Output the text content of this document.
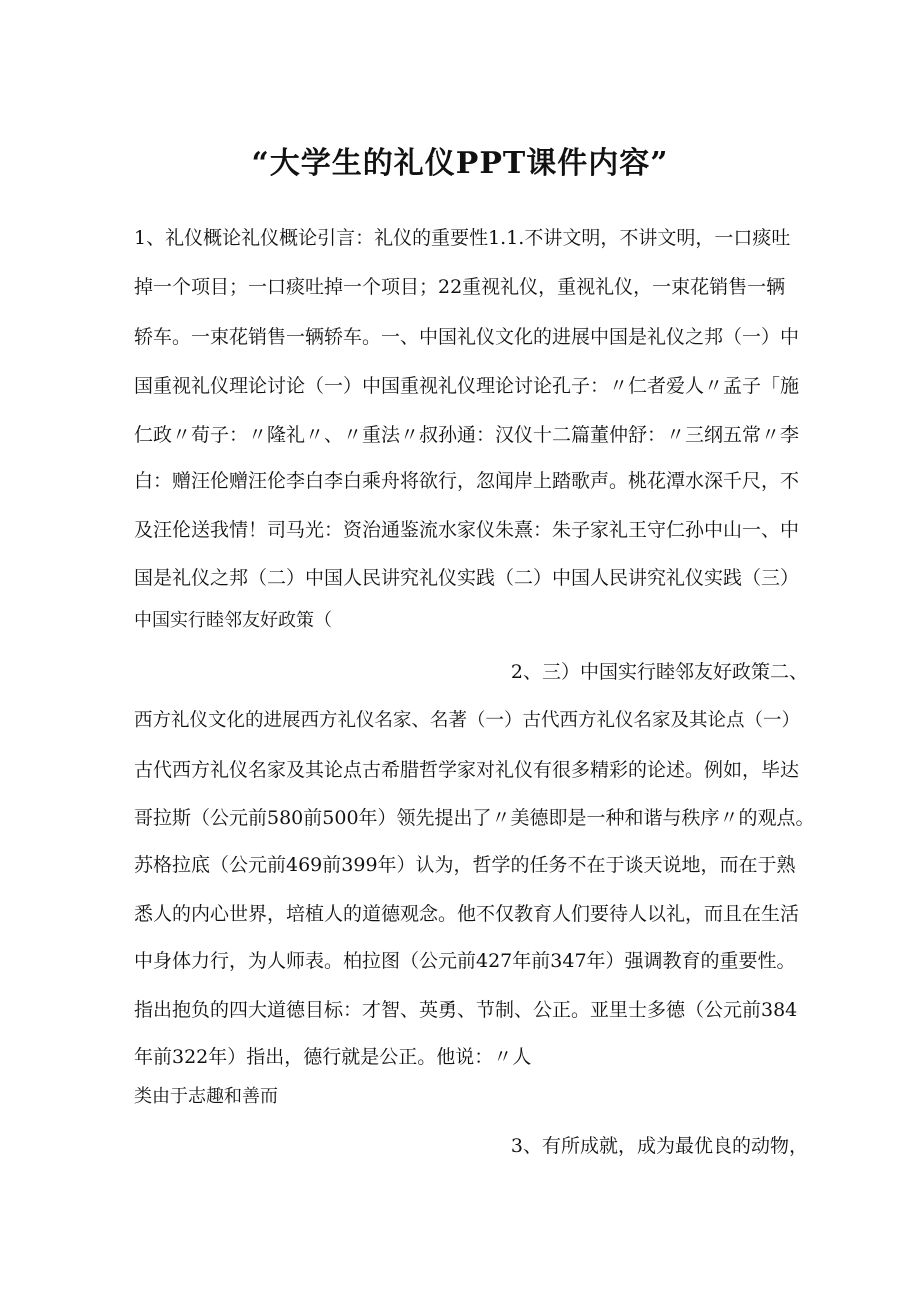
“大学生的礼仪PPT课件内容”
1、礼仪概论礼仪概论引言：礼仪的重要性1.1.不讲文明，不讲文明，一口痰吐
掉一个项目；一口痰吐掉一个项目；22重视礼仪，重视礼仪，一束花销售一辆
轿车。一束花销售一辆轿车。一、中国礼仪文化的进展中国是礼仪之邦（一）中
国重视礼仪理论讨论（一）中国重视礼仪理论讨论孔子：〃仁者爱人〃孟子「施
仁政〃荀子：〃隆礼〃、〃重法〃叔孙通：汉仪十二篇董仲舒：〃三纲五常〃李
白：赠汪伦赠汪伦李白李白乘舟将欲行，忽闻岸上踏歌声。桃花潭水深千尺，不
及汪伦送我情！司马光：资治通鉴流水家仪朱熹：朱子家礼王守仁孙中山一、中
国是礼仪之邦（二）中国人民讲究礼仪实践（二）中国人民讲究礼仪实践（三）
中国实行睦邻友好政策（
2、三）中国实行睦邻友好政策二、
西方礼仪文化的进展西方礼仪名家、名著（一）古代西方礼仪名家及其论点（一）
古代西方礼仪名家及其论点古希腊哲学家对礼仪有很多精彩的论述。例如，毕达
哥拉斯（公元前580前500年）领先提出了〃美德即是一种和谐与秩序〃的观点。
苏格拉底（公元前469前399年）认为，哲学的任务不在于谈天说地，而在于熟
悉人的内心世界，培植人的道德观念。他不仅教育人们要待人以礼，而且在生活
中身体力行，为人师表。柏拉图（公元前427年前347年）强调教育的重要性。
指出抱负的四大道德目标：才智、英勇、节制、公正。亚里士多德（公元前384
年前322年）指出，德行就是公正。他说：〃人
类由于志趣和善而
3、有所成就，成为最优良的动物，
